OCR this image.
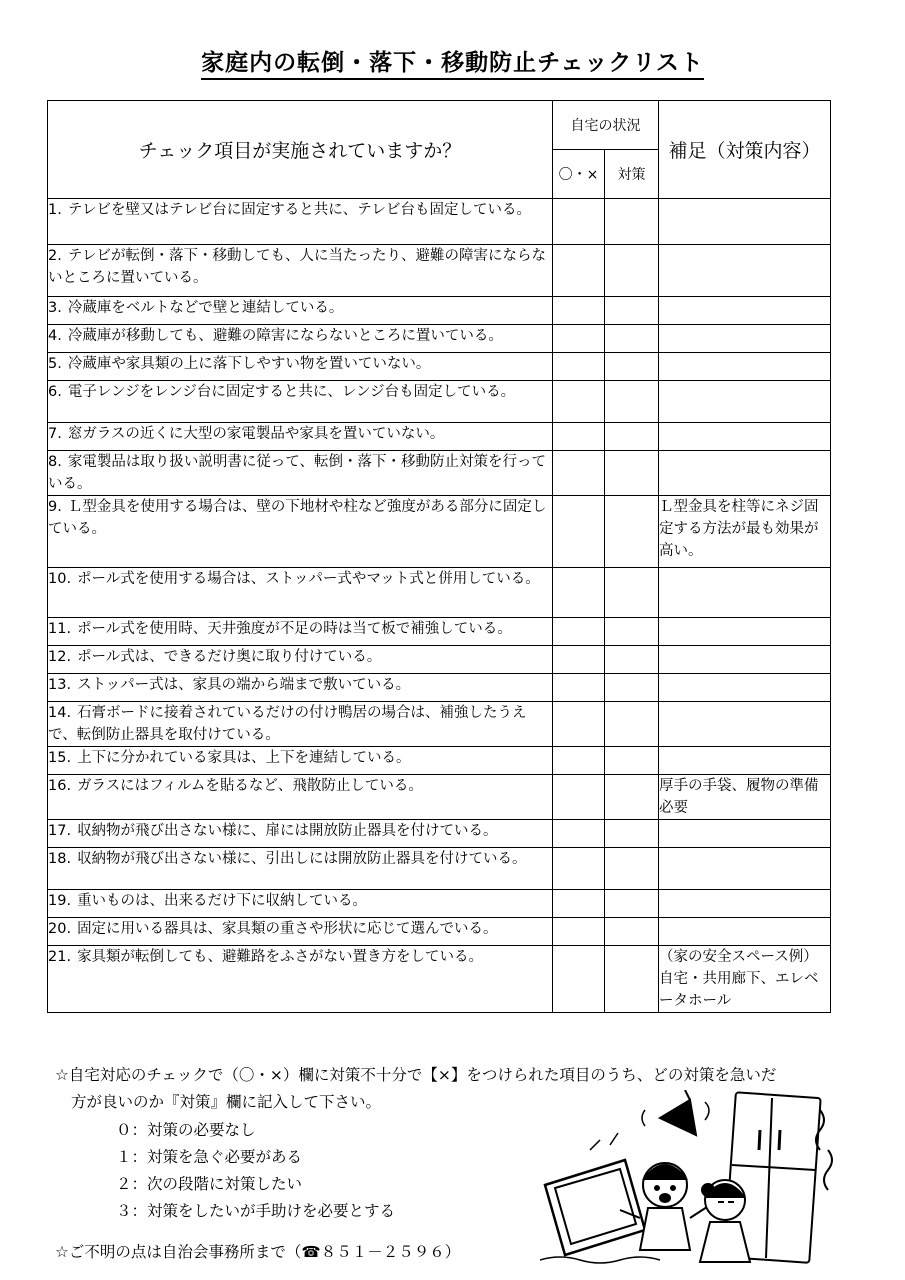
家庭内の転倒・落下・移動防止チェックリスト
チェック項目が実施されていますか？	自宅の状況		補足（対策内容）
	〇・×	対策	
1. テレビを壁又はテレビ台に固定すると共に、テレビ台も固定している。			
2. テレビが転倒・落下・移動しても、人に当たったり、避難の障害にならないところに置いている。			
3. 冷蔵庫をベルトなどで壁と連結している。			
4. 冷蔵庫が移動しても、避難の障害にならないところに置いている。			
5. 冷蔵庫や家具類の上に落下しやすい物を置いていない。			
6. 電子レンジをレンジ台に固定すると共に、レンジ台も固定している。			
7. 窓ガラスの近くに大型の家電製品や家具を置いていない。			
8. 家電製品は取り扱い説明書に従って、転倒・落下・移動防止対策を行っている。			
9. Ｌ型金具を使用する場合は、壁の下地材や柱など強度がある部分に固定している。			Ｌ型金具を柱等にネジ固定する方法が最も効果が高い。
10. ポール式を使用する場合は、ストッパー式やマット式と併用している。			
11. ポール式を使用時、天井強度が不足の時は当て板で補強している。			
12. ポール式は、できるだけ奥に取り付けている。			
13. ストッパー式は、家具の端から端まで敷いている。			
14. 石膏ボードに接着されているだけの付け鴨居の場合は、補強したうえで、転倒防止器具を取付けている。			
15. 上下に分かれている家具は、上下を連結している。			
16. ガラスにはフィルムを貼るなど、飛散防止している。			厚手の手袋、履物の準備必要
17. 収納物が飛び出さない様に、扉には開放防止器具を付けている。			
18. 収納物が飛び出さない様に、引出しには開放防止器具を付けている。			
19. 重いものは、出来るだけ下に収納している。			
20. 固定に用いる器具は、家具類の重さや形状に応じて選んでいる。			
21. 家具類が転倒しても、避難路をふさがない置き方をしている。			（家の安全スペース例）自宅・共用廊下、エレベータホール
☆自宅対応のチェックで（〇・×）欄に対策不十分で【×】をつけられた項目のうち、どの対策を急いだ
方が良いのか『対策』欄に記入して下さい。
０：対策の必要なし
１：対策を急ぐ必要がある
２：次の段階に対策したい
３：対策をしたいが手助けを必要とする
☆ご不明の点は自治会事務所まで（☎８５１－２５９６）
